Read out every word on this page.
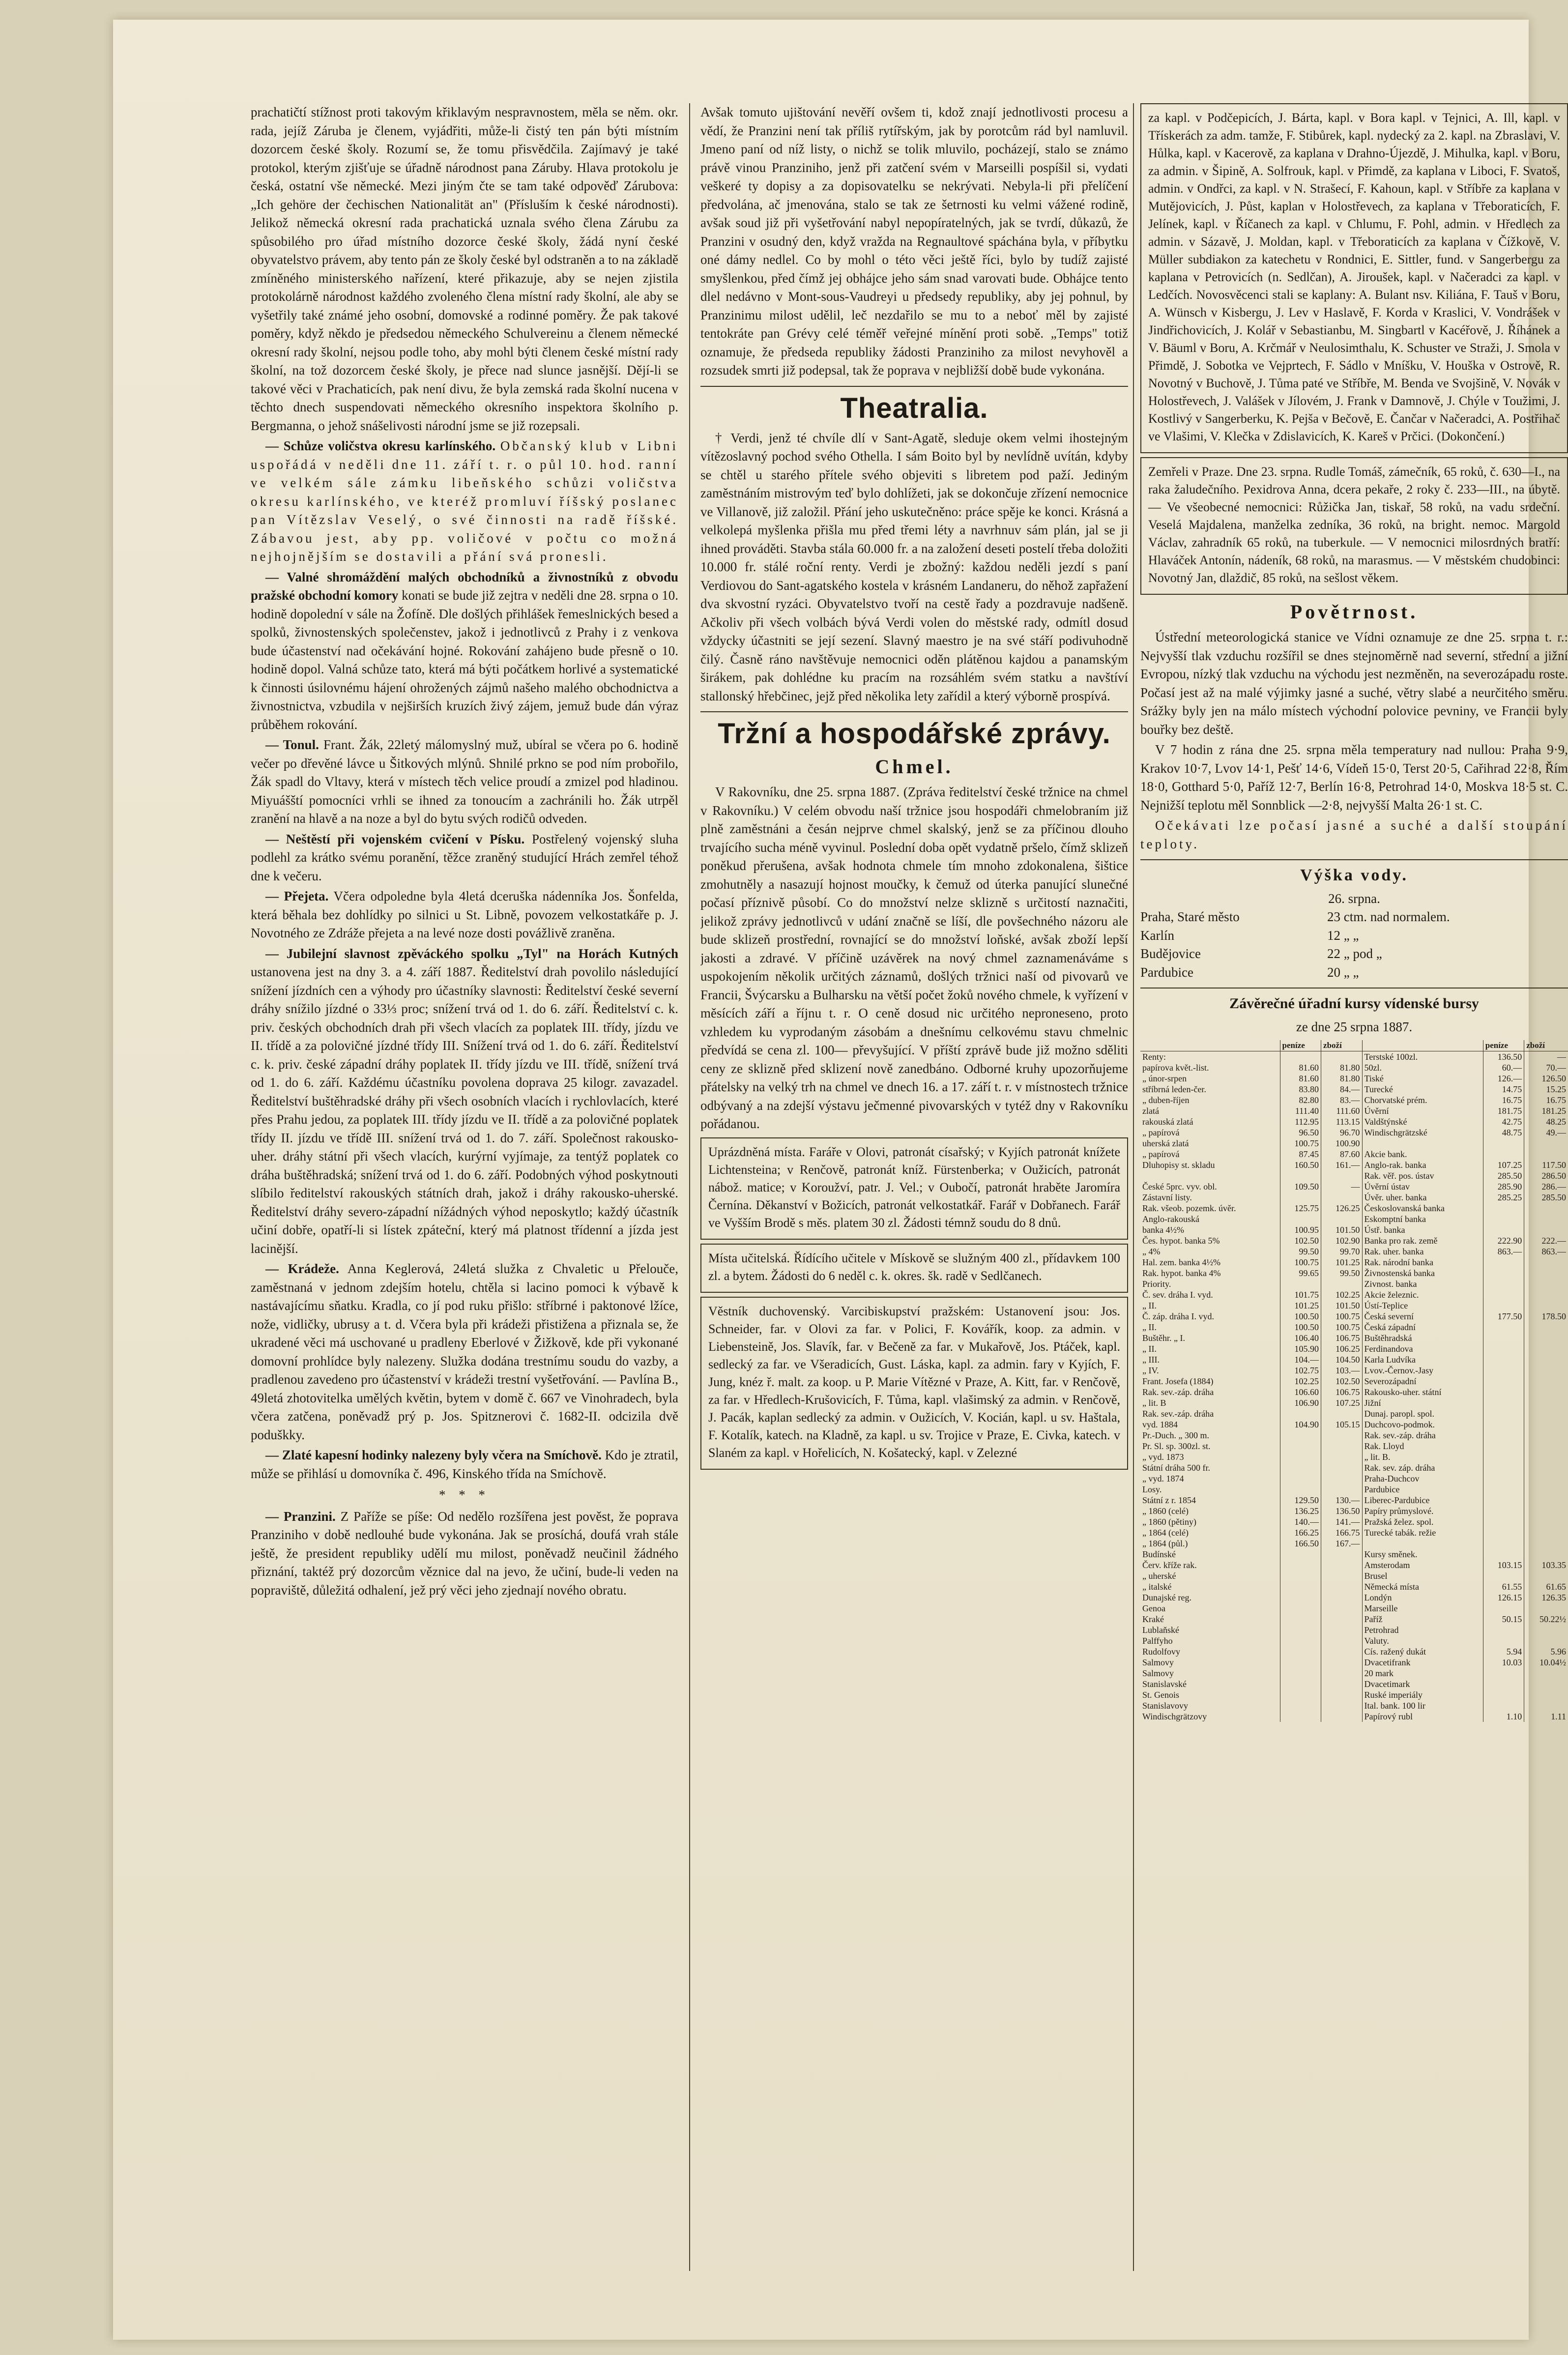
prachatičtí stížnost proti takovým křiklavým nespravnostem, měla se něm. okr. rada, jejíž Záruba je členem, vyjádřiti, může-li čistý ten pán býti místním dozorcem české školy. Rozumí se, že tomu přisvědčila. Zajímavý je také protokol, kterým zjišťuje se úřadně národnost pana Záruby. Hlava protokolu je česká, ostatní vše německé. Mezi jiným čte se tam také odpověď Zárubova: „Ich gehöre der čechischen Nationalität an" (Přísluším k české národnosti). Jelikož německá okresní rada prachatická uznala svého člena Zárubu za spůsobilého pro úřad místního dozorce české školy, žádá nyní české obyvatelstvo právem, aby tento pán ze školy české byl odstraněn a to na základě zmíněného ministerského nařízení, které přikazuje, aby se nejen zjistila protokolárně národnost každého zvoleného člena místní rady školní, ale aby se vyšetřily také známé jeho osobní, domovské a rodinné poměry. Že pak takové poměry, když někdo je předsedou německého Schulvereinu a členem německé okresní rady školní, nejsou podle toho, aby mohl býti členem české místní rady školní, na tož dozorcem české školy, je přece nad slunce jasnější. Dějí-li se takové věci v Prachaticích, pak není divu, že byla zemská rada školní nucena v těchto dnech suspendovati německého okresního inspektora školního p. Bergmanna, o jehož snášelivosti národní jsme se již rozepsali.

— Schůze voličstva okresu karlínského. Občanský klub v Libni uspořádá v neděli dne 11. září t. r. o půl 10. hod. ranní ve velkém sále zámku libeňského schůzi voličstva okresu karlínského, ve kteréž promluví říšský poslanec pan Vítězslav Veselý, o své činnosti na radě říšské. Zábavou jest, aby pp. voličové v počtu co možná nejhojnějším se dostavili a přání svá pronesli.

— Valné shromáždění malých obchodníků a živnostníků z obvodu pražské obchodní komory konati se bude již zejtra v neděli dne 28. srpna o 10. hodině dopolední v sále na Žofíně. Dle došlých přihlášek řemeslnických besed a spolků, živnostenských společenstev, jakož i jednotlivců z Prahy i z venkova bude účastenství nad očekávání hojné. Rokování zahájeno bude přesně o 10. hodině dopol. Valná schůze tato, která má býti počátkem horlivé a systematické k činnosti úsilovnému hájení ohrožených zájmů našeho malého obchodnictva a živnostnictva, vzbudila v nejširších kruzích živý zájem, jemuž bude dán výraz průběhem rokování.

— Tonul. Frant. Žák, 22letý málomyslný muž, ubíral se včera po 6. hodině večer po dřevěné lávce u Šitkových mlýnů. Shnilé prkno se pod ním probořilo, Žák spadl do Vltavy, která v místech těch velice proudí a zmizel pod hladinou. Miyuášští pomocníci vrhli se ihned za tonoucím a zachránili ho. Žák utrpěl zranění na hlavě a na noze a byl do bytu svých rodičů odveden.

— Neštěstí při vojenském cvičení v Písku. Postřelený vojenský sluha podlehl za krátko svému poranění, těžce zraněný studující Hrách zemřel téhož dne k večeru.

— Přejeta. Včera odpoledne byla 4letá dceruška nádenníka Jos. Šonfelda, která běhala bez dohlídky po silnici u St. Libně, povozem velkostatkáře p. J. Novotného ze Zdráže přejeta a na levé noze dosti povážlivě zraněna.

— Jubilejní slavnost zpěváckého spolku „Tyl" na Horách Kutných ustanovena jest na dny 3. a 4. září 1887. Ředitelství drah povolilo následující snížení jízdních cen a výhody pro účastníky slavnosti: Ředitelství české severní dráhy snížilo jízdné o 33⅓ proc; snížení trvá od 1. do 6. září. Ředitelství c. k. priv. českých obchodních drah při všech vlacích za poplatek III. třídy, jízdu ve II. třídě a za polovičné jízdné třídy III. Snížení trvá od 1. do 6. září. Ředitelství c. k. priv. české západní dráhy poplatek II. třídy jízdu ve III. třídě, snížení trvá od 1. do 6. září. Každému účastníku povolena doprava 25 kilogr. zavazadel. Ředitelství buštěhradské dráhy při všech osobních vlacích i rychlovlacích, které přes Prahu jedou, za poplatek III. třídy jízdu ve II. třídě a za polovičné poplatek třídy II. jízdu ve třídě III. snížení trvá od 1. do 7. září. Společnost rakousko-uher. dráhy státní při všech vlacích, kurýrní vyjímaje, za tentýž poplatek co dráha buštěhradská; snížení trvá od 1. do 6. září. Podobných výhod poskytnouti slíbilo ředitelství rakouských státních drah, jakož i dráhy rakousko-uherské. Ředitelství dráhy severo-západní nížádných výhod neposkytlo; každý účastník učiní dobře, opatří-li si lístek zpáteční, který má platnost třídenní a jízda jest lacinější.

— Krádeže. Anna Keglerová, 24letá služka z Chvaletic u Přelouče, zaměstnaná v jednom zdejším hotelu, chtěla si lacino pomoci k výbavě k nastávajícímu sňatku. Kradla, co jí pod ruku přišlo: stříbrné i paktonové lžíce, nože, vidličky, ubrusy a t. d. Včera byla při krádeži přistižena a přiznala se, že ukradené věci má uschované u pradleny Eberlové v Žižkově, kde při vykonané domovní prohlídce byly nalezeny. Služka dodána trestnímu soudu do vazby, a pradlenou zavedeno pro účastenství v krádeži trestní vyšetřování. — Pavlína B., 49letá zhotovitelka umělých květin, bytem v domě č. 667 ve Vinohradech, byla včera zatčena, poněvadž prý p. Jos. Spitznerovi č. 1682-II. odcizila dvě poduškky.

— Zlaté kapesní hodinky nalezeny byly včera na Smíchově. Kdo je ztratil, může se přihlásí u domovníka č. 496, Kinského třída na Smíchově.

* * *

— Pranzini. Z Paříže se píše: Od nedělo rozšířena jest pověst, že poprava Pranziniho v době nedlouhé bude vykonána. Jak se prosíchá, doufá vrah stále ještě, že president republiky udělí mu milost, poněvadž neučinil žádného přiznání, taktéž prý dozorcům věznice dal na jevo, že učiní, bude-li veden na popraviště, důležitá odhalení, jež prý věci jeho zjednají nového obratu.

Avšak tomuto ujištování nevěří ovšem ti, kdož znají jednotlivosti procesu a vědí, že Pranzini není tak příliš rytířským, jak by porotcům rád byl namluvil. Jmeno paní od níž listy, o nichž se tolik mluvilo, pocházejí, stalo se známo právě vinou Pranziniho, jenž při zatčení svém v Marseilli pospíšil si, vydati veškeré ty dopisy a za dopisovatelku se nekrývati. Nebyla-li při přelíčení předvolána, ač jmenována, stalo se tak ze šetrnosti ku velmi vážené rodině, avšak soud již při vyšetřování nabyl nepopíratelných, jak se tvrdí, důkazů, že Pranzini v osudný den, když vražda na Regnaultové spáchána byla, v příbytku oné dámy nedlel. Co by mohl o této věci ještě říci, bylo by tudíž zajisté smyšlenkou, před čímž jej obhájce jeho sám snad varovati bude. Obhájce tento dlel nedávno v Mont-sous-Vaudreyi u předsedy republiky, aby jej pohnul, by Pranzinimu milost udělil, leč nezdařilo se mu to a neboť měl by zajisté tentokráte pan Grévy celé téměř veřejné mínění proti sobě. „Temps" totiž oznamuje, že předseda republiky žádosti Pranziniho za milost nevyhověl a rozsudek smrti již podepsal, tak že poprava v nejbližší době bude vykonána.

Theatralia.

† Verdi, jenž té chvíle dlí v Sant-Agatě, sleduje okem velmi ihostejným vítězoslavný pochod svého Othella. I sám Boito byl by nevlídně uvítán, kdyby se chtěl u starého přítele svého objeviti s libretem pod paží. Jediným zaměstnáním mistrovým teď bylo dohlížeti, jak se dokončuje zřízení nemocnice ve Villanově, již založil. Přání jeho uskutečněno: práce spěje ke konci. Krásná a velkolepá myšlenka přišla mu před třemi léty a navrhnuv sám plán, jal se ji ihned prováděti. Stavba stála 60.000 fr. a na založení deseti postelí třeba doložiti 10.000 fr. stálé roční renty. Verdi je zbožný: každou neděli jezdí s paní Verdiovou do Sant-agatského kostela v krásném Landaneru, do něhož zapřažení dva skvostní ryzáci. Obyvatelstvo tvoří na cestě řady a pozdravuje nadšeně. Ačkoliv při všech volbách bývá Verdi volen do městské rady, odmítl dosud vždycky účastniti se její sezení. Slavný maestro je na své stáří podivuhodně čilý. Časně ráno navštěvuje nemocnici oděn plátěnou kajdou a panamským širákem, pak dohlédne ku pracím na rozsáhlém svém statku a navštíví stallonský hřebčinec, jejž před několika lety zařídil a který výborně prospívá.

Tržní a hospodářské zprávy.
Chmel.

V Rakovníku, dne 25. srpna 1887. (Zpráva ředitelství české tržnice na chmel v Rakovníku.) V celém obvodu naší tržnice jsou hospodáři chmelobraním již plně zaměstnáni a česán nejprve chmel skalský, jenž se za příčinou dlouho trvajícího sucha méně vyvinul. Poslední doba opět vydatně pršelo, čímž sklizeň poněkud přerušena, avšak hodnota chmele tím mnoho zdokonalena, šištice zmohutněly a nasazují hojnost moučky, k čemuž od úterka panující slunečné počasí příznivě působí. Co do množství nelze sklizně s určitostí naznačiti, jelikož zprávy jednotlivců v udání značně se líší, dle povšechného názoru ale bude sklizeň prostřední, rovnající se do množství loňské, avšak zboží lepší jakosti a zdravé. V příčině uzávěrek na nový chmel zaznamenáváme s uspokojením několik určitých záznamů, došlých tržnici naší od pivovarů ve Francii, Švýcarsku a Bulharsku na větší počet žoků nového chmele, k vyřízení v měsících září a říjnu t. r. O ceně dosud nic určitého neproneseno, proto vzhledem ku vyprodaným zásobám a dnešnímu celkovému stavu chmelnic předvídá se cena zl. 100— převyšující. V příští zprávě bude již možno sděliti ceny ze sklizně před sklizení nově zanedbáno. Odborné kruhy upozorňujeme přátelsky na velký trh na chmel ve dnech 16. a 17. září t. r. v místnostech tržnice odbývaný a na zdejší výstavu ječmenné pivovarských v tytéž dny v Rakovníku pořádanou.

Uprázdněná místa. Faráře v Olovi, patronát císařský; v Kyjích patronát knížete Lichtensteina; v Renčově, patronát kníž. Fürstenberka; v Oužicích, patronát nábož. matice; v Koroužví, patr. J. Vel.; v Oubočí, patronát hraběte Jaromíra Černína. Děkanství v Božicích, patronát velkostatkář. Farář v Dobřanech. Farář ve Vyšším Brodě s měs. platem 30 zl. Žádosti témnž soudu do 8 dnů.

Místa učitelská. Řídícího učitele v Mískově se služným 400 zl., přídavkem 100 zl. a bytem. Žádosti do 6 neděl c. k. okres. šk. radě v Sedlčanech.

Věstník duchovenský. Varcibiskupství pražském: Ustanovení jsou: Jos. Schneider, far. v Olovi za far. v Polici, F. Kovářík, koop. za admin. v Liebensteině, Jos. Slavík, far. v Bečeně za far. v Mukařově, Jos. Ptáček, kapl. sedlecký za far. ve Všeradicích, Gust. Láska, kapl. za admin. fary v Kyjích, F. Jung, knéz ř. malt. za koop. u P. Marie Vítězné v Praze, A. Kitt, far. v Renčově, za far. v Hředlech-Krušovicích, F. Tůma, kapl. vlašimský za admin. v Renčově, J. Pacák, kaplan sedlecký za admin. v Oužicích, V. Kocián, kapl. u sv. Haštala, F. Kotalík, katech. na Kladně, za kapl. u sv. Trojice v Praze, E. Civka, katech. v Slaném za kapl. v Hořelicích, N. Košatecký, kapl. v Zelezné

za kapl. v Podčepicích, J. Bárta, kapl. v Bora kapl. v Tejnici, A. Ill, kapl. v Třískerách za adm. tamže, F. Stibůrek, kapl. nydecký za 2. kapl. na Zbraslavi, V. Hůlka, kapl. v Kacerově, za kaplana v Drahno-Újezdě, J. Mihulka, kapl. v Boru, za admin. v Šipině, A. Solfrouk, kapl. v Přimdě, za kaplana v Liboci, F. Svatoš, admin. v Ondřci, za kapl. v N. Strašecí, F. Kahoun, kapl. v Stříbře za kaplana v Mutějovicích, J. Půst, kaplan v Holostřevech, za kaplana v Třeboraticích, F. Jelínek, kapl. v Říčanech za kapl. v Chlumu, F. Pohl, admin. v Hředlech za admin. v Sázavě, J. Moldan, kapl. v Třeboraticích za kaplana v Čížkově, V. Müller subdiakon za katechetu v Rondnici, E. Sittler, fund. v Sangerbergu za kaplana v Petrovicích (n. Sedlčan), A. Jiroušek, kapl. v Načeradci za kapl. v Ledčích. Novosvěcenci stali se kaplany: A. Bulant nsv. Kiliána, F. Tauš v Boru, A. Wünsch v Kisbergu, J. Lev v Haslavě, F. Korda v Kraslici, V. Vondrášek v Jindřichovicích, J. Kolář v Sebastianbu, M. Singbartl v Kacéřově, J. Říhánek a V. Bäuml v Boru, A. Krčmář v Neulosimthalu, K. Schuster ve Straži, J. Smola v Přimdě, J. Sobotka ve Vejprtech, F. Sádlo v Mníšku, V. Houška v Ostrově, R. Novotný v Buchově, J. Tůma paté ve Stříbře, M. Benda ve Svojšině, V. Novák v Holostřevech, J. Valášek v Jílovém, J. Frank v Damnově, J. Chýle v Toužimi, J. Kostlivý v Sangerberku, K. Pejša v Bečově, E. Čančar v Načeradci, A. Postřihač ve Vlašimi, V. Klečka v Zdislavicích, K. Kareš v Prčici. (Dokončení.)

Zemřeli v Praze. Dne 23. srpna. Rudle Tomáš, zámečník, 65 roků, č. 630—I., na raka žaludečního. Pexidrova Anna, dcera pekaře, 2 roky č. 233—III., na úbytě. — Ve všeobecné nemocnici: Růžička Jan, tiskař, 58 roků, na vadu srdeční. Veselá Majdalena, manželka zedníka, 36 roků, na bright. nemoc. Margold Václav, zahradník 65 roků, na tuberkule. — V nemocnici milosrdných bratří: Hlaváček Antonín, nádeník, 68 roků, na marasmus. — V městském chudobinci: Novotný Jan, dlaždič, 85 roků, na sešlost věkem.

Povětrnost.

Ústřední meteorologická stanice ve Vídni oznamuje ze dne 25. srpna t. r.: Nejvyšší tlak vzduchu rozšířil se dnes stejnoměrně nad severní, střední a jižní Evropou, nízký tlak vzduchu na východu jest nezměněn, na severozápadu roste. Počasí jest až na malé výjimky jasné a suché, větry slabé a neurčitého směru. Srážky byly jen na málo místech východní polovice pevniny, ve Francii byly bouřky bez deště.

V 7 hodin z rána dne 25. srpna měla temperatury nad nullou: Praha 9·9, Krakov 10·7, Lvov 14·1, Pešť 14·6, Vídeň 15·0, Terst 20·5, Cařihrad 22·8, Řím 18·0, Gotthard 5·0, Paříž 12·7, Berlín 16·8, Petrohrad 14·0, Moskva 18·5 st. C. Nejnižší teplotu měl Sonnblick —2·8, nejvyšší Malta 26·1 st. C.

Očekávati lze počasí jasné a suché a další stoupání teploty.

Výška vody.
26. srpna.
Praha, Staré město	23 ctm. nad normalem.
Karlín	12 „ „
Budějovice	22 „ pod „
Pardubice	20 „ „
Závěrečné úřadní kursy vídenské bursy
ze dne 25 srpna 1887.
	peníze	zboží		peníze	zboží
Renty:			Terstské 100zl.	136.50	—
papírova květ.-list.	81.60	81.80	50zl.	60.—	70.—
„ únor-srpen	81.60	81.80	Tiské	126.—	126.50
stříbrná leden-čer.	83.80	84.—	Turecké	14.75	15.25
„ duben-říjen	82.80	83.—	Chorvatské prém.	16.75	16.75
zlatá	111.40	111.60	Úvěrní	181.75	181.25
rakouská zlatá	112.95	113.15	Valdštýnské	42.75	48.25
„ papírová	96.50	96.70	Windischgrätzské	48.75	49.—
uherská zlatá	100.75	100.90			
„ papírová	87.45	87.60	Akcie bank.		
Dluhopisy st. skladu	160.50	161.—	Anglo-rak. banka	107.25	117.50
			Rak. věř. pos. ústav	285.50	286.50
České 5prc. vyv. obl.	109.50	—	Úvěrní ústav	285.90	286.—
Zástavní listy.			Úvěr. uher. banka	285.25	285.50
Rak. všeob. pozemk. úvěr.	125.75	126.25	Českoslovanská banka		
Anglo-rakouská			Eskomptní banka		
banka 4½%	100.95	101.50	Ústř. banka		
Čes. hypot. banka 5%	102.50	102.90	Banka pro rak. země	222.90	222.—
„ 4%	99.50	99.70	Rak. uher. banka	863.—	863.—
Hal. zem. banka 4½%	100.75	101.25	Rak. národní banka		
Rak. hypot. banka 4%	99.65	99.50	Živnostenská banka		
Priority.			Zivnost. banka		
Č. sev. dráha I. vyd.	101.75	102.25	Akcie železnic.		
„ II.	101.25	101.50	Ústí-Teplice		
Č. záp. dráha I. vyd.	100.50	100.75	Česká severní	177.50	178.50
„ II.	100.50	100.75	Česká západní		
Buštěhr. „ I.	106.40	106.75	Buštěhradská		
„ II.	105.90	106.25	Ferdinandova		
„ III.	104.—	104.50	Karla Ludvíka		
„ IV.	102.75	103.—	Lvov.-Černov.-Jasy		
Frant. Josefa (1884)	102.25	102.50	Severozápadní		
Rak. sev.-záp. dráha	106.60	106.75	Rakousko-uher. státní		
„ lit. B	106.90	107.25	Jižní		
Rak. sev.-záp. dráha			Dunaj. paropl. spol.		
vyd. 1884	104.90	105.15	Duchcovo-podmok.		
Pr.-Duch. „ 300 m.			Rak. sev.-záp. dráha		
Pr. Sl. sp. 300zl. st.			Rak. Lloyd		
„ vyd. 1873			„ lit. B.		
Státní dráha 500 fr.			Rak. sev. záp. dráha		
„ vyd. 1874			Praha-Duchcov		
Losy.			Pardubice		
Státní z r. 1854	129.50	130.—	Liberec-Pardubice		
„ 1860 (celé)	136.25	136.50	Papíry průmyslové.		
„ 1860 (pětiny)	140.—	141.—	Pražská želez. spol.		
„ 1864 (celé)	166.25	166.75	Turecké tabák. režie		
„ 1864 (půl.)	166.50	167.—			
Budínské			Kursy směnek.		
Červ. kříže rak.			Amsterodam	103.15	103.35
„ uherské			Brusel		
„ italské			Německá místa	61.55	61.65
Dunajské reg.			Londýn	126.15	126.35
Genoa			Marseille		
Kraké			Paříž	50.15	50.22½
Lublaňské			Petrohrad		
Palffyho			Valuty.		
Rudolfovy			Cís. ražený dukát	5.94	5.96
Salmovy			Dvacetifrank	10.03	10.04½
Salmovy			20 mark		
Stanislavské			Dvacetimark		
St. Genois			Ruské imperiály		
Stanislavovy			Ital. bank. 100 lir		
Windischgrätzovy			Papírový rubl	1.10	1.11
